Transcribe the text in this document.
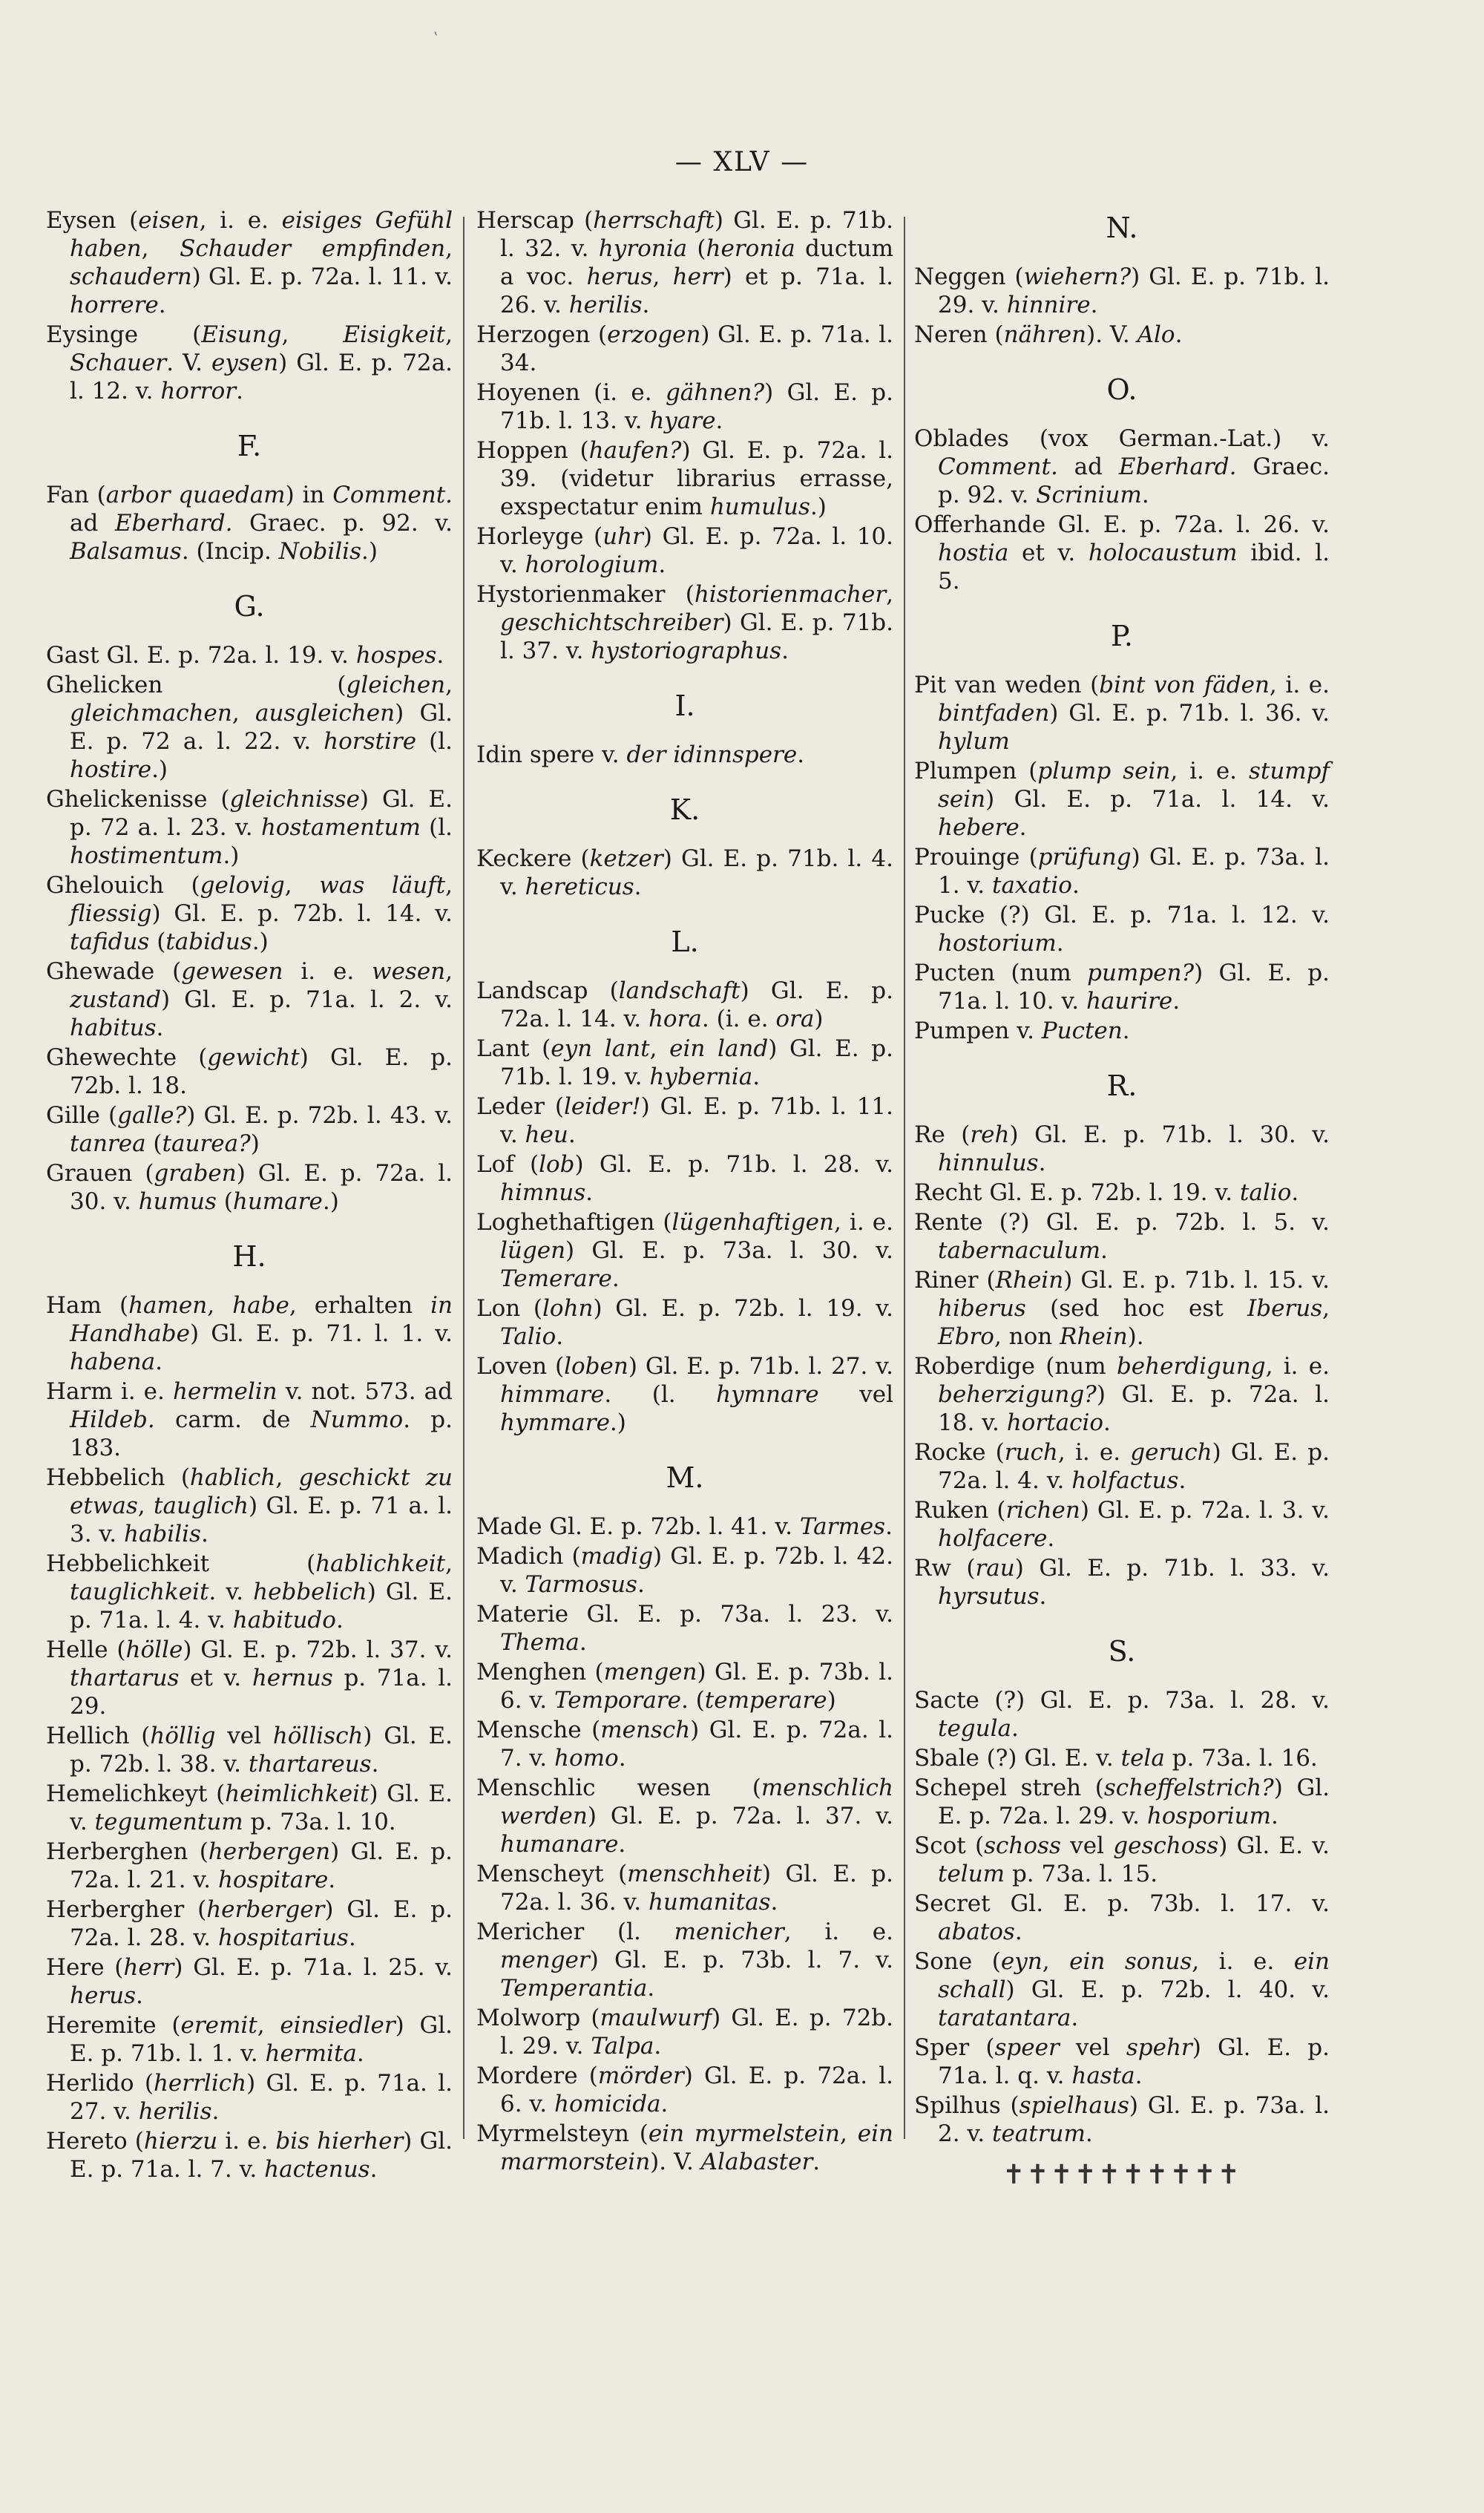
‛
— XLV —
Eysen (eisen, i. e. eisiges Gefühl haben, Schauder empfinden, schaudern) Gl. E. p. 72a. l. 11. v. horrere.
Eysinge (Eisung, Eisigkeit, Schauer. V. eysen) Gl. E. p. 72a. l. 12. v. horror.
F.
Fan (arbor quaedam) in Comment. ad Eberhard. Graec. p. 92. v. Balsamus. (Incip. Nobilis.)
G.
Gast Gl. E. p. 72a. l. 19. v. hospes.
Ghelicken (gleichen, gleichmachen, ausgleichen) Gl. E. p. 72 a. l. 22. v. horstire (l. hostire.)
Ghelickenisse (gleichnisse) Gl. E. p. 72 a. l. 23. v. hostamentum (l. hostimentum.)
Ghelouich (gelovig, was läuft, fliessig) Gl. E. p. 72b. l. 14. v. tafidus (tabidus.)
Ghewade (gewesen i. e. wesen, zustand) Gl. E. p. 71a. l. 2. v. habitus.
Ghewechte (gewicht) Gl. E. p. 72b. l. 18.
Gille (galle?) Gl. E. p. 72b. l. 43. v. tanrea (taurea?)
Grauen (graben) Gl. E. p. 72a. l. 30. v. humus (humare.)
H.
Ham (hamen, habe, erhalten in Handhabe) Gl. E. p. 71. l. 1. v. habena.
Harm i. e. hermelin v. not. 573. ad Hildeb. carm. de Nummo. p. 183.
Hebbelich (hablich, geschickt zu etwas, tauglich) Gl. E. p. 71 a. l. 3. v. habilis.
Hebbelichkeit (hablichkeit, tauglichkeit. v. hebbelich) Gl. E. p. 71a. l. 4. v. habitudo.
Helle (hölle) Gl. E. p. 72b. l. 37. v. thartarus et v. hernus p. 71a. l. 29.
Hellich (höllig vel höllisch) Gl. E. p. 72b. l. 38. v. thartareus.
Hemelichkeyt (heimlichkeit) Gl. E. v. tegumentum p. 73a. l. 10.
Herberghen (herbergen) Gl. E. p. 72a. l. 21. v. hospitare.
Herbergher (herberger) Gl. E. p. 72a. l. 28. v. hospitarius.
Here (herr) Gl. E. p. 71a. l. 25. v. herus.
Heremite (eremit, einsiedler) Gl. E. p. 71b. l. 1. v. hermita.
Herlido (herrlich) Gl. E. p. 71a. l. 27. v. herilis.
Hereto (hierzu i. e. bis hierher) Gl. E. p. 71a. l. 7. v. hactenus.
Herscap (herrschaft) Gl. E. p. 71b. l. 32. v. hyronia (heronia ductum a voc. herus, herr) et p. 71a. l. 26. v. herilis.
Herzogen (erzogen) Gl. E. p. 71a. l. 34.
Hoyenen (i. e. gähnen?) Gl. E. p. 71b. l. 13. v. hyare.
Hoppen (haufen?) Gl. E. p. 72a. l. 39. (videtur librarius errasse, exspectatur enim humulus.)
Horleyge (uhr) Gl. E. p. 72a. l. 10. v. horologium.
Hystorienmaker (historienmacher, geschichtschreiber) Gl. E. p. 71b. l. 37. v. hystoriographus.
I.
Idin spere v. der idinnspere.
K.
Keckere (ketzer) Gl. E. p. 71b. l. 4. v. hereticus.
L.
Landscap (landschaft) Gl. E. p. 72a. l. 14. v. hora. (i. e. ora)
Lant (eyn lant, ein land) Gl. E. p. 71b. l. 19. v. hybernia.
Leder (leider!) Gl. E. p. 71b. l. 11. v. heu.
Lof (lob) Gl. E. p. 71b. l. 28. v. himnus.
Loghethaftigen (lügenhaftigen, i. e. lügen) Gl. E. p. 73a. l. 30. v. Temerare.
Lon (lohn) Gl. E. p. 72b. l. 19. v. Talio.
Loven (loben) Gl. E. p. 71b. l. 27. v. himmare. (l. hymnare vel hymmare.)
M.
Made Gl. E. p. 72b. l. 41. v. Tarmes.
Madich (madig) Gl. E. p. 72b. l. 42. v. Tarmosus.
Materie Gl. E. p. 73a. l. 23. v. Thema.
Menghen (mengen) Gl. E. p. 73b. l. 6. v. Temporare. (temperare)
Mensche (mensch) Gl. E. p. 72a. l. 7. v. homo.
Menschlic wesen (menschlich werden) Gl. E. p. 72a. l. 37. v. humanare.
Menscheyt (menschheit) Gl. E. p. 72a. l. 36. v. humanitas.
Mericher (l. menicher, i. e. menger) Gl. E. p. 73b. l. 7. v. Temperantia.
Molworp (maulwurf) Gl. E. p. 72b. l. 29. v. Talpa.
Mordere (mörder) Gl. E. p. 72a. l. 6. v. homicida.
Myrmelsteyn (ein myrmelstein, ein marmorstein). V. Alabaster.
N.
Neggen (wiehern?) Gl. E. p. 71b. l. 29. v. hinnire.
Neren (nähren). V. Alo.
O.
Oblades (vox German.-Lat.) v. Comment. ad Eberhard. Graec. p. 92. v. Scrinium.
Offerhande Gl. E. p. 72a. l. 26. v. hostia et v. holocaustum ibid. l. 5.
P.
Pit van weden (bint von fäden, i. e. bintfaden) Gl. E. p. 71b. l. 36. v. hylum
Plumpen (plump sein, i. e. stumpf sein) Gl. E. p. 71a. l. 14. v. hebere.
Prouinge (prüfung) Gl. E. p. 73a. l. 1. v. taxatio.
Pucke (?) Gl. E. p. 71a. l. 12. v. hostorium.
Pucten (num pumpen?) Gl. E. p. 71a. l. 10. v. haurire.
Pumpen v. Pucten.
R.
Re (reh) Gl. E. p. 71b. l. 30. v. hinnulus.
Recht Gl. E. p. 72b. l. 19. v. talio.
Rente (?) Gl. E. p. 72b. l. 5. v. tabernaculum.
Riner (Rhein) Gl. E. p. 71b. l. 15. v. hiberus (sed hoc est Iberus, Ebro, non Rhein).
Roberdige (num beherdigung, i. e. beherzigung?) Gl. E. p. 72a. l. 18. v. hortacio.
Rocke (ruch, i. e. geruch) Gl. E. p. 72a. l. 4. v. holfactus.
Ruken (richen) Gl. E. p. 72a. l. 3. v. holfacere.
Rw (rau) Gl. E. p. 71b. l. 33. v. hyrsutus.
S.
Sacte (?) Gl. E. p. 73a. l. 28. v. tegula.
Sbale (?) Gl. E. v. tela p. 73a. l. 16.
Schepel streh (scheffelstrich?) Gl. E. p. 72a. l. 29. v. hosporium.
Scot (schoss vel geschoss) Gl. E. v. telum p. 73a. l. 15.
Secret Gl. E. p. 73b. l. 17. v. abatos.
Sone (eyn, ein sonus, i. e. ein schall) Gl. E. p. 72b. l. 40. v. taratantara.
Sper (speer vel spehr) Gl. E. p. 71a. l. q. v. hasta.
Spilhus (spielhaus) Gl. E. p. 73a. l. 2. v. teatrum.
✝✝✝✝✝✝✝✝✝✝
